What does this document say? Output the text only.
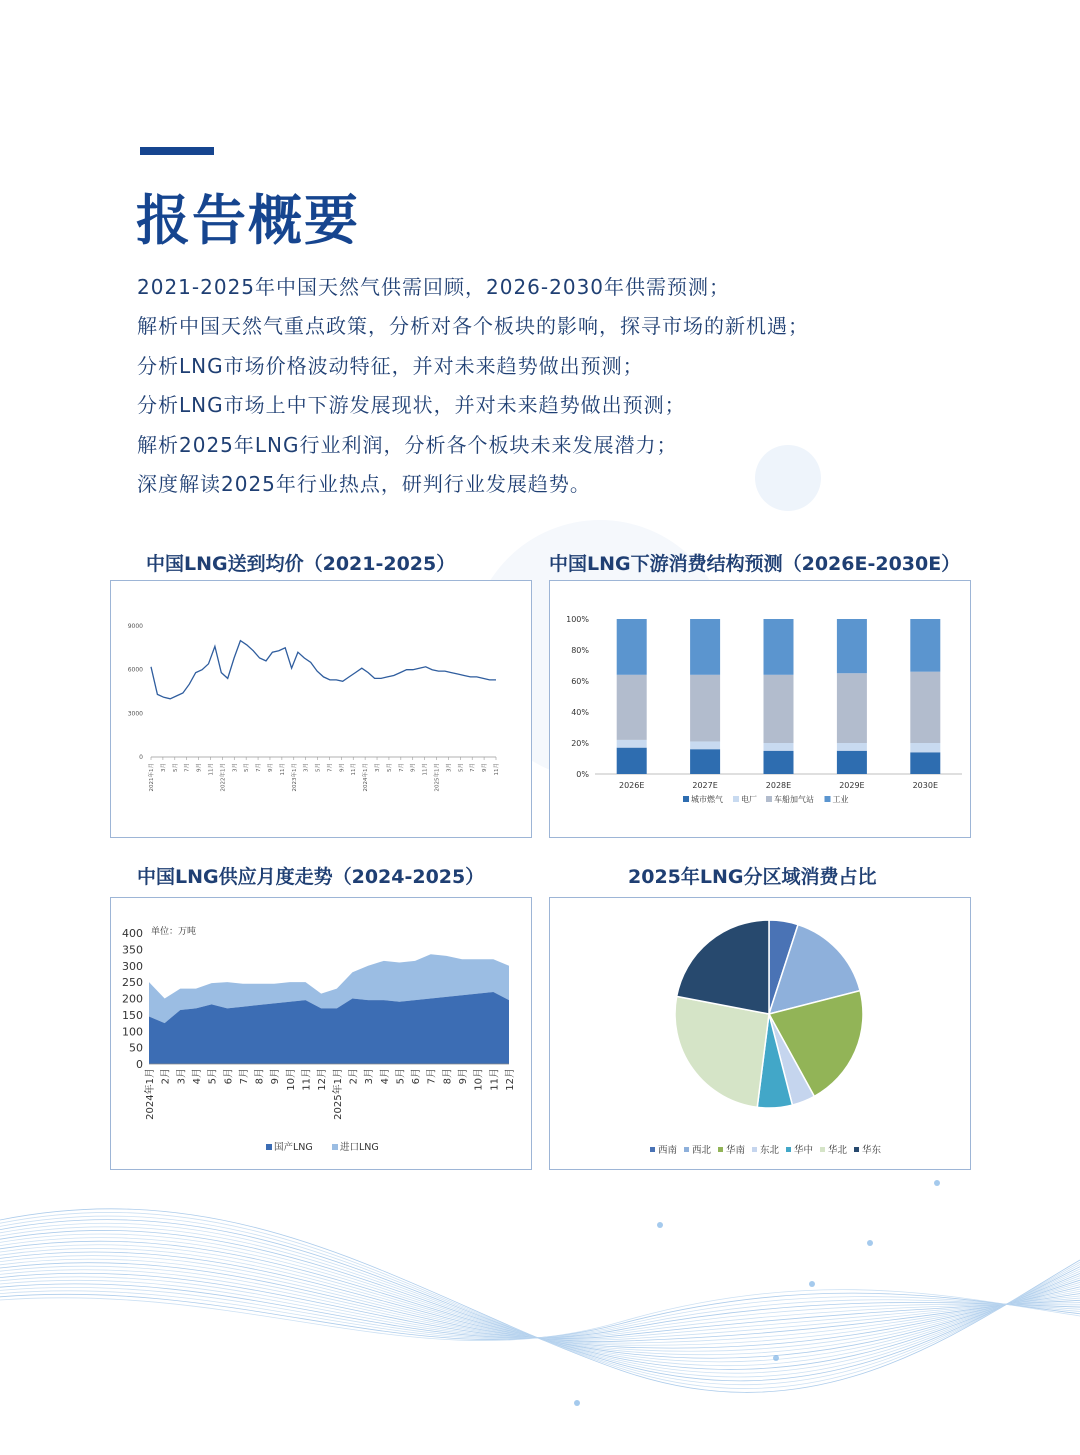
报告概要
2021-2025年中国天然气供需回顾，2026-2030年供需预测；
解析中国天然气重点政策，分析对各个板块的影响，探寻市场的新机遇；
分析LNG市场价格波动特征，并对未来趋势做出预测；
分析LNG市场上中下游发展现状，并对未来趋势做出预测；
解析2025年LNG行业利润，分析各个板块未来发展潜力；
深度解读2025年行业热点，研判行业发展趋势。
中国LNG送到均价（2021-2025）	中国LNG下游消费结构预测（2026E-2030E）
中国LNG供应月度走势（2024-2025）	2025年LNG分区域消费占比
0
3000
6000
9000
2021年1月	3月	5月	7月	9月	11月	2022年1月	3月	5月	7月	9月	11月	2023年1月	3月	5月	7月	9月	11月	2024年1月	3月	5月	7月	9月	11月	2025年1月	3月	5月	7月	9月	11月	0%
20%
40%
60%
80%
100%
2026E	2027E	2028E	2029E	2030E
城市燃气 电厂 车船加气站 工业
0
50
100
150
200
250
300
350
400 单位：万吨
2024年1月 2月 3月 4月 5月 6月 7月 8月 9月 10月 11月 12月 2025年1月 2月 3月 4月 5月 6月 7月 8月 9月 10月 11月 12月
国产LNG	进口LNG	西南 西北 华南 东北 华中 华北 华东
